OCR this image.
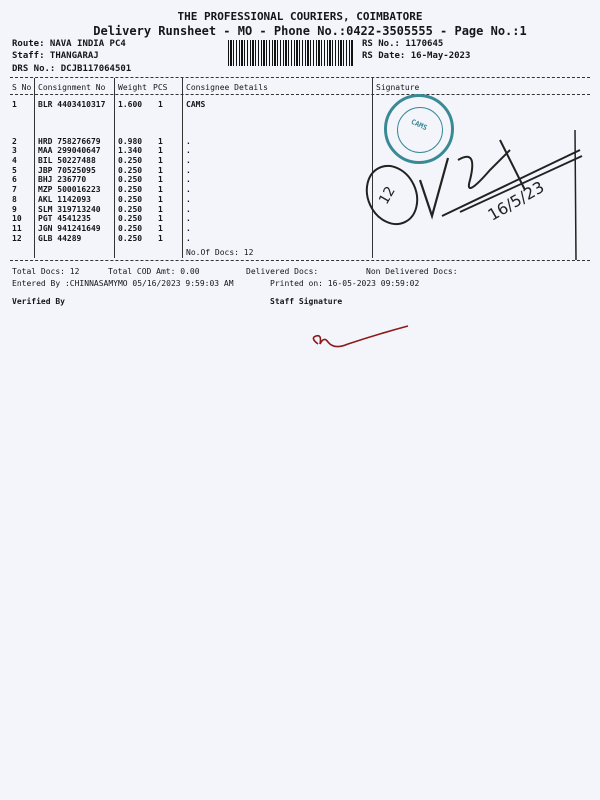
THE PROFESSIONAL COURIERS, COIMBATORE
Delivery Runsheet - MO - Phone No.:0422-3505555 - Page No.:1
Route: NAVA INDIA PC4
Staff: THANGARAJ
DRS No.: DCJB117064501
RS No.: 1170645
RS Date: 16-May-2023
S No Consignment No Weight PCS Consignee Details	Signature
1	BLR 4403410317 1.600 1	CAMS
2	HRD 758276679 0.980 1	.
3	MAA 299040647 1.340 1	.
4	BIL 50227488	0.250 1	.
5	JBP 70525095	0.250 1	.
6	BHJ 236770	0.250 1	.
7	MZP 500016223 0.250 1	.
8	AKL 1142093	0.250 1	.
9	SLM 319713240 0.250 1	.
10 PGT 4541235	0.250 1	.
11 JGN 941241649 0.250 1	.
12 GLB 44289	0.250 1	.
No.Of Docs: 12
Total Docs: 12	Total COD Amt: 0.00	Delivered Docs:	Non Delivered Docs:
Entered By :CHINNASAMYMO 05/16/2023 9:59:03 AM	Printed on: 16-05-2023 09:59:02
Verified By	Staff Signature
CAMS
12	16/5/23
